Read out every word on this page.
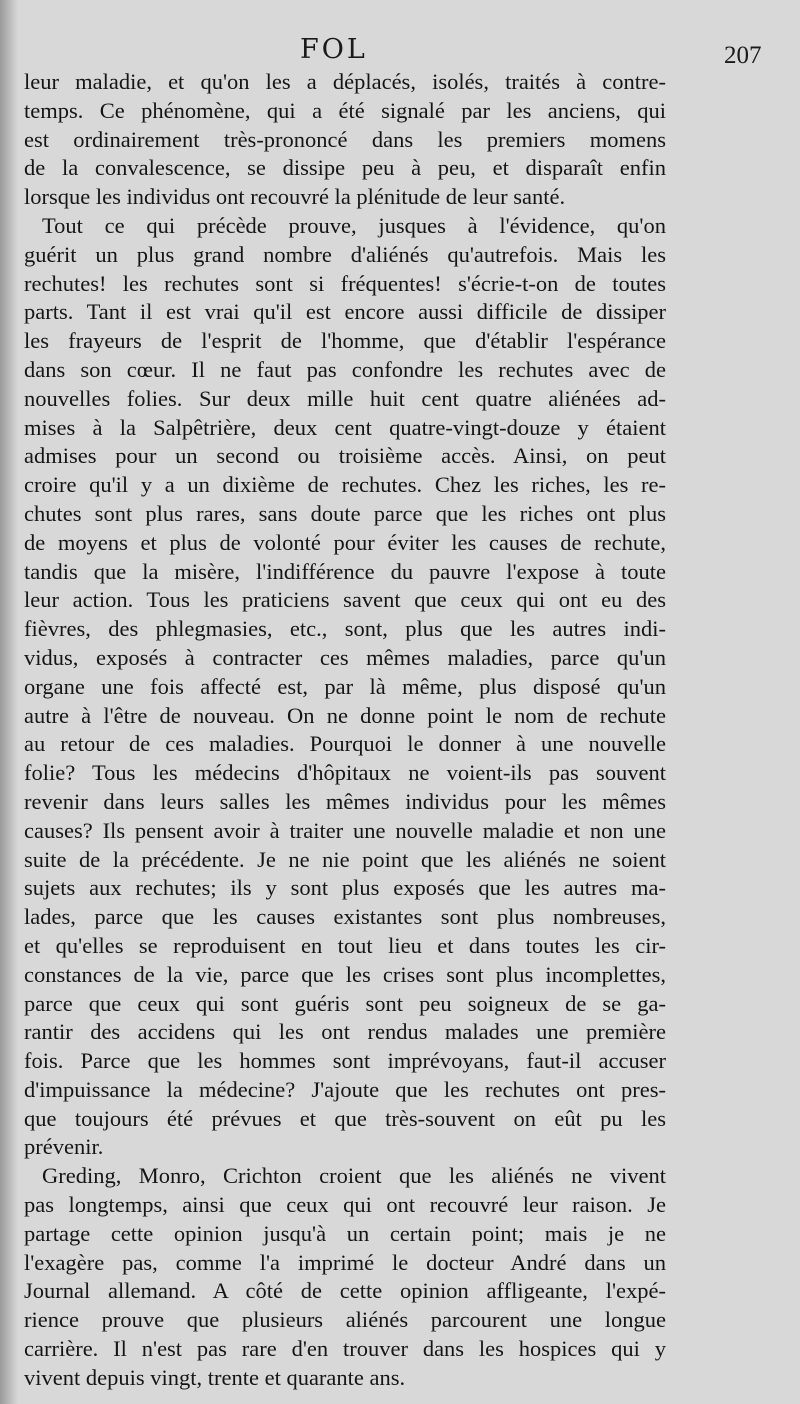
FOL	207
leur maladie, et qu'on les a déplacés, isolés, traités à contre-
temps. Ce phénomène, qui a été signalé par les anciens, qui
est ordinairement très-prononcé dans les premiers momens
de la convalescence, se dissipe peu à peu, et disparaît enfin
lorsque les individus ont recouvré la plénitude de leur santé.
Tout ce qui précède prouve, jusques à l'évidence, qu'on
guérit un plus grand nombre d'aliénés qu'autrefois. Mais les
rechutes! les rechutes sont si fréquentes! s'écrie-t-on de toutes
parts. Tant il est vrai qu'il est encore aussi difficile de dissiper
les frayeurs de l'esprit de l'homme, que d'établir l'espérance
dans son cœur. Il ne faut pas confondre les rechutes avec de
nouvelles folies. Sur deux mille huit cent quatre aliénées ad-
mises à la Salpêtrière, deux cent quatre-vingt-douze y étaient
admises pour un second ou troisième accès. Ainsi, on peut
croire qu'il y a un dixième de rechutes. Chez les riches, les re-
chutes sont plus rares, sans doute parce que les riches ont plus
de moyens et plus de volonté pour éviter les causes de rechute,
tandis que la misère, l'indifférence du pauvre l'expose à toute
leur action. Tous les praticiens savent que ceux qui ont eu des
fièvres, des phlegmasies, etc., sont, plus que les autres indi-
vidus, exposés à contracter ces mêmes maladies, parce qu'un
organe une fois affecté est, par là même, plus disposé qu'un
autre à l'être de nouveau. On ne donne point le nom de rechute
au retour de ces maladies. Pourquoi le donner à une nouvelle
folie? Tous les médecins d'hôpitaux ne voient-ils pas souvent
revenir dans leurs salles les mêmes individus pour les mêmes
causes? Ils pensent avoir à traiter une nouvelle maladie et non une
suite de la précédente. Je ne nie point que les aliénés ne soient
sujets aux rechutes; ils y sont plus exposés que les autres ma-
lades, parce que les causes existantes sont plus nombreuses,
et qu'elles se reproduisent en tout lieu et dans toutes les cir-
constances de la vie, parce que les crises sont plus incomplettes,
parce que ceux qui sont guéris sont peu soigneux de se ga-
rantir des accidens qui les ont rendus malades une première
fois. Parce que les hommes sont imprévoyans, faut-il accuser
d'impuissance la médecine? J'ajoute que les rechutes ont pres-
que toujours été prévues et que très-souvent on eût pu les
prévenir.
Greding, Monro, Crichton croient que les aliénés ne vivent
pas longtemps, ainsi que ceux qui ont recouvré leur raison. Je
partage cette opinion jusqu'à un certain point; mais je ne
l'exagère pas, comme l'a imprimé le docteur André dans un
Journal allemand. A côté de cette opinion affligeante, l'expé-
rience prouve que plusieurs aliénés parcourent une longue
carrière. Il n'est pas rare d'en trouver dans les hospices qui y
vivent depuis vingt, trente et quarante ans.
